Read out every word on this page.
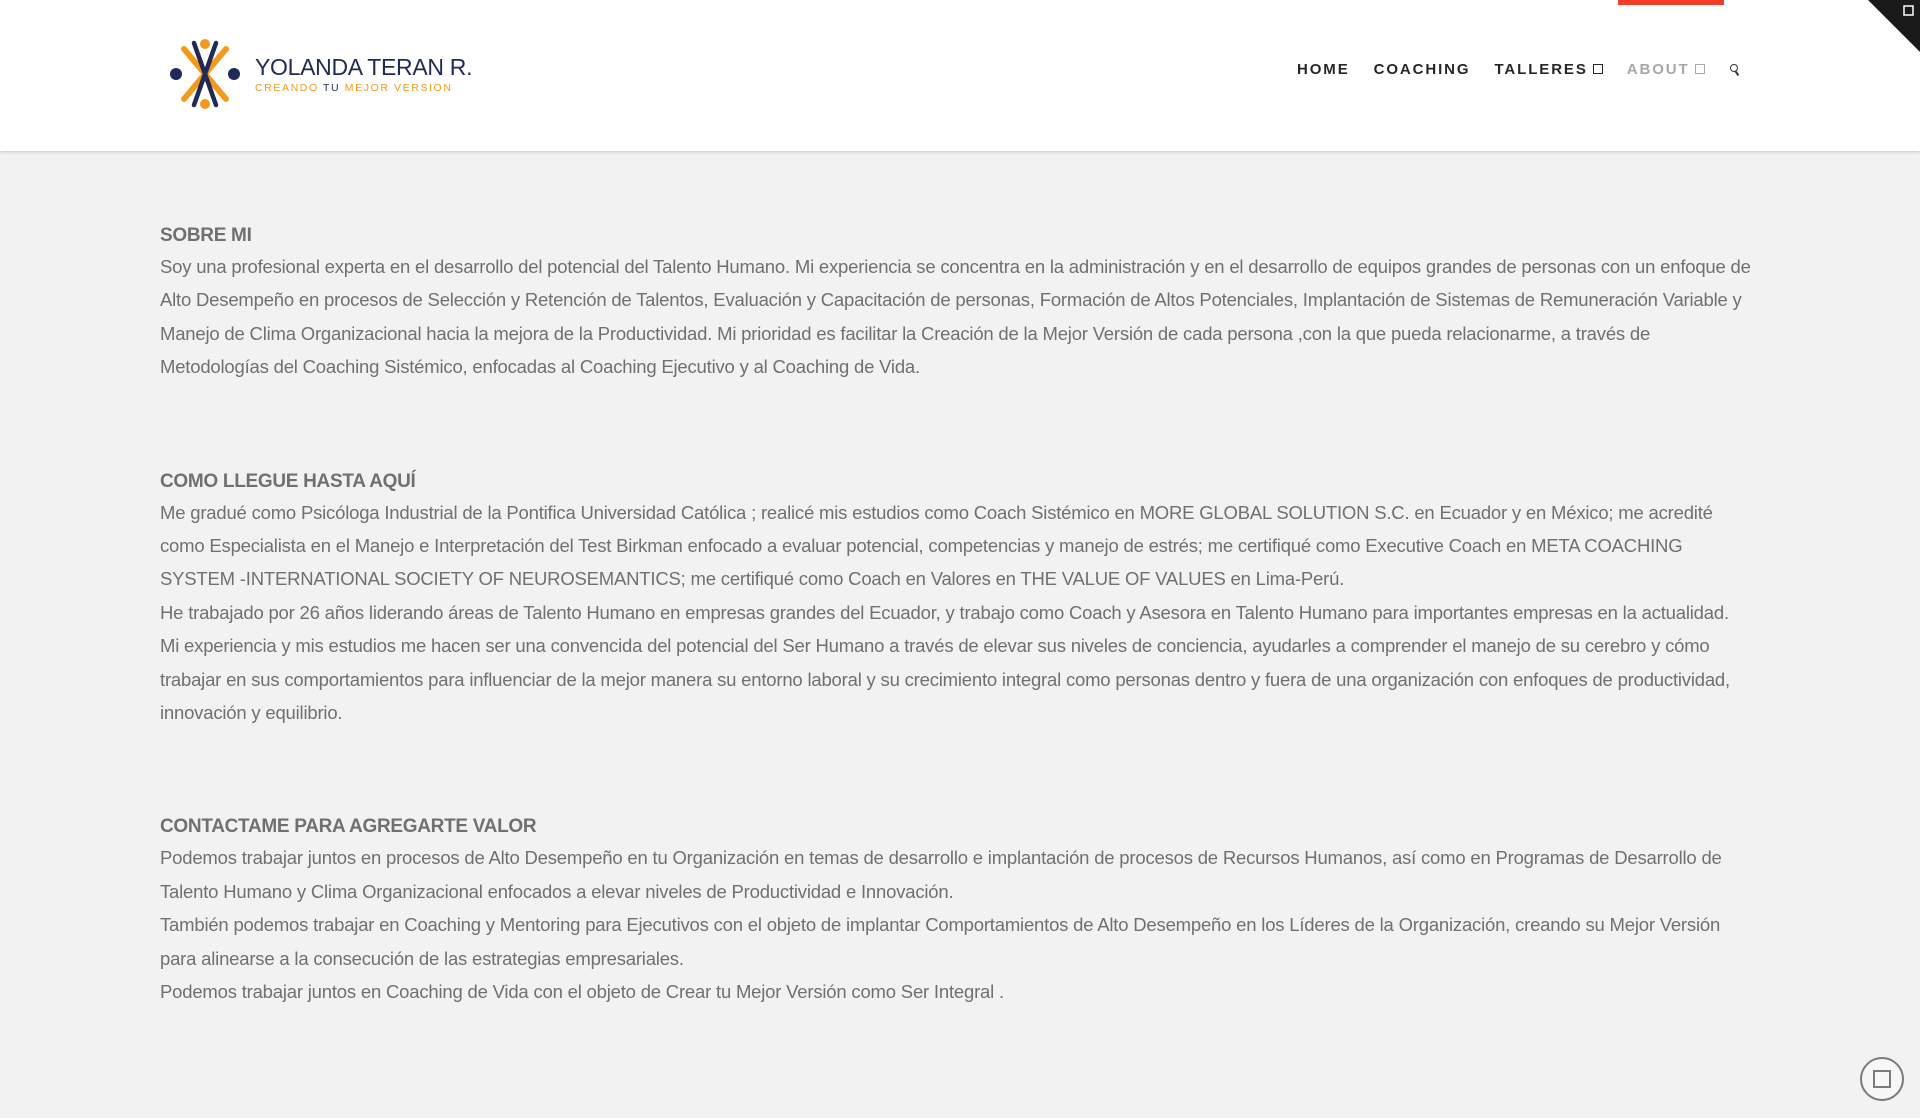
YOLANDA TERAN R.
CREANDO TU MEJOR VERSION
HOME COACHING TALLERES	ABOUT
SOBRE MI

Soy una profesional experta en el desarrollo del potencial del Talento Humano. Mi experiencia se concentra en la administración y en el desarrollo de equipos grandes de personas con un enfoque de Alto Desempeño en procesos de Selección y Retención de Talentos, Evaluación y Capacitación de personas, Formación de Altos Potenciales, Implantación de Sistemas de Remuneración Variable y Manejo de Clima Organizacional hacia la mejora de la Productividad. Mi prioridad es facilitar la Creación de la Mejor Versión de cada persona ,con la que pueda relacionarme, a través de Metodologías del Coaching Sistémico, enfocadas al Coaching Ejecutivo y al Coaching de Vida.

COMO LLEGUE HASTA AQUÍ

Me gradué como Psicóloga Industrial de la Pontifica Universidad Católica ; realicé mis estudios como Coach Sistémico en MORE GLOBAL SOLUTION S.C. en Ecuador y en México; me acredité como Especialista en el Manejo e Interpretación del Test Birkman enfocado a evaluar potencial, competencias y manejo de estrés; me certifiqué como Executive Coach en META COACHING SYSTEM -INTERNATIONAL SOCIETY OF NEUROSEMANTICS; me certifiqué como Coach en Valores en THE VALUE OF VALUES en Lima-Perú.

He trabajado por 26 años liderando áreas de Talento Humano en empresas grandes del Ecuador, y trabajo como Coach y Asesora en Talento Humano para importantes empresas en la actualidad.

Mi experiencia y mis estudios me hacen ser una convencida del potencial del Ser Humano a través de elevar sus niveles de conciencia, ayudarles a comprender el manejo de su cerebro y cómo trabajar en sus comportamientos para influenciar de la mejor manera su entorno laboral y su crecimiento integral como personas dentro y fuera de una organización con enfoques de productividad, innovación y equilibrio.

CONTACTAME PARA AGREGARTE VALOR

Podemos trabajar juntos en procesos de Alto Desempeño en tu Organización en temas de desarrollo e implantación de procesos de Recursos Humanos, así como en Programas de Desarrollo de Talento Humano y Clima Organizacional enfocados a elevar niveles de Productividad e Innovación.

También podemos trabajar en Coaching y Mentoring para Ejecutivos con el objeto de implantar Comportamientos de Alto Desempeño en los Líderes de la Organización, creando su Mejor Versión para alinearse a la consecución de las estrategias empresariales.

Podemos trabajar juntos en Coaching de Vida con el objeto de Crear tu Mejor Versión como Ser Integral .
